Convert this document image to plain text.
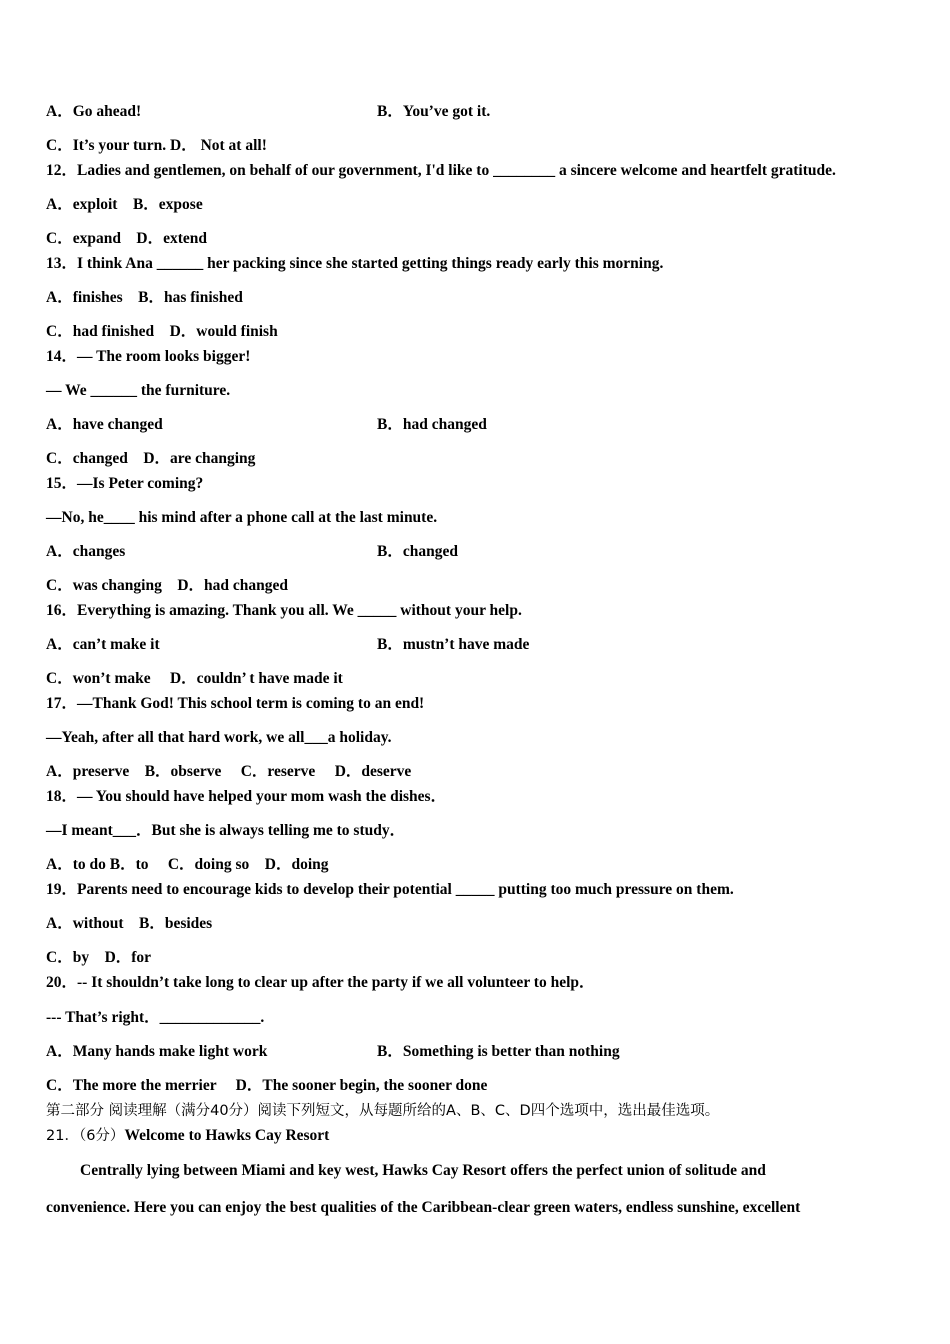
A．Go ahead!	B．You’ve got it.
C．It’s your turn. D． Not at all!
12．Ladies and gentlemen, on behalf of our government, I'd like to ________ a sincere welcome and heartfelt gratitude.
A．exploit　B．expose
C．expand　D．extend
13．I think Ana ______ her packing since she started getting things ready early this morning.
A．finishes　B．has finished
C．had finished　D．would finish
14．— The room looks bigger!
— We ______ the furniture.
A．have changed	B．had changed
C．changed　D．are changing
15．—Is Peter coming?
—No, he____ his mind after a phone call at the last minute.
A．changes	B．changed
C．was changing　D．had changed
16．Everything is amazing. Thank you all. We _____ without your help.
A．can’t make it	B．mustn’t have made
C．won’t make　 D．couldn’ t have made it
17．—Thank God! This school term is coming to an end!
—Yeah, after all that hard work, we all___a holiday.
A．preserve　B．observe　 C．reserve　 D．deserve
18．— You should have helped your mom wash the dishes．
—I meant___．But she is always telling me to study．
A．to do B．to　 C．doing so　D．doing
19．Parents need to encourage kids to develop their potential _____ putting too much pressure on them.
A．without　B．besides
C．by　D．for
20．-- It shouldn’t take long to clear up after the party if we all volunteer to help．
--- That’s right．_____________.
A．Many hands make light work	B．Something is better than nothing
C．The more the merrier　 D．The sooner begin, the sooner done
第二部分 阅读理解（满分40分）阅读下列短文，从每题所给的A、B、C、D四个选项中，选出最佳选项。
21．（6分）Welcome to Hawks Cay Resort
Centrally lying between Miami and key west, Hawks Cay Resort offers the perfect union of solitude and
convenience. Here you can enjoy the best qualities of the Caribbean-clear green waters, endless sunshine, excellent
